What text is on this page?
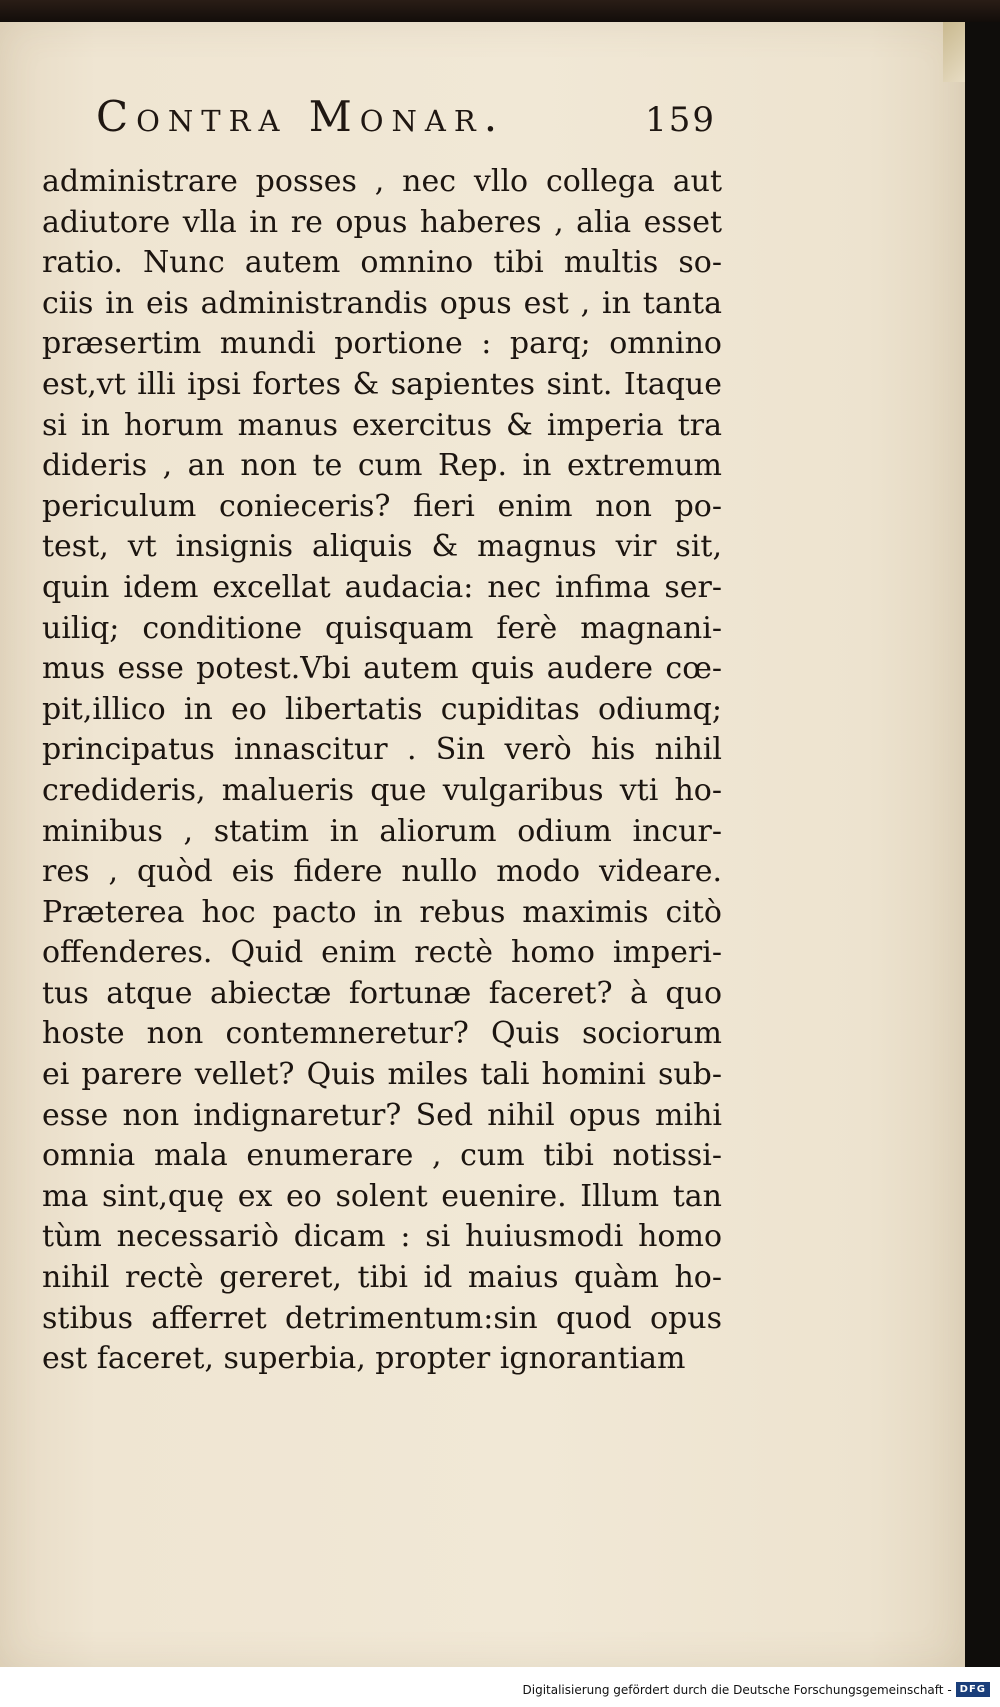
Contra Monar.	159
administrare posses , nec vllo collega aut
adiutore vlla in re opus haberes , alia esset
ratio. Nunc autem omnino tibi multis so-
ciis in eis administrandis opus est , in tanta
præsertim mundi portione : parq; omnino
est,vt illi ipsi fortes & sapientes sint. Itaque
si in horum manus exercitus & imperia tra
dideris , an non te cum Rep. in extremum
periculum conieceris? fieri enim non po-
test, vt insignis aliquis & magnus vir sit,
quin idem excellat audacia: nec infima ser-
uiliq; conditione quisquam ferè magnani-
mus esse potest.Vbi autem quis audere cœ-
pit,illico in eo libertatis cupiditas odiumq;
principatus innascitur . Sin verò his nihil
credideris, malueris que vulgaribus vti ho-
minibus , statim in aliorum odium incur-
res , quòd eis fidere nullo modo videare.
Præterea hoc pacto in rebus maximis citò
offenderes. Quid enim rectè homo imperi-
tus atque abiectæ fortunæ faceret? à quo
hoste non contemneretur? Quis sociorum
ei parere vellet? Quis miles tali homini sub-
esse non indignaretur? Sed nihil opus mihi
omnia mala enumerare , cum tibi notissi-
ma sint,quę ex eo solent euenire. Illum tan
tùm necessariò dicam : si huiusmodi homo
nihil rectè gereret, tibi id maius quàm ho-
stibus afferret detrimentum:sin quod opus
est faceret, superbia, propter ignorantiam
Digitalisierung gefördert durch die Deutsche Forschungsgemeinschaft - DFG
